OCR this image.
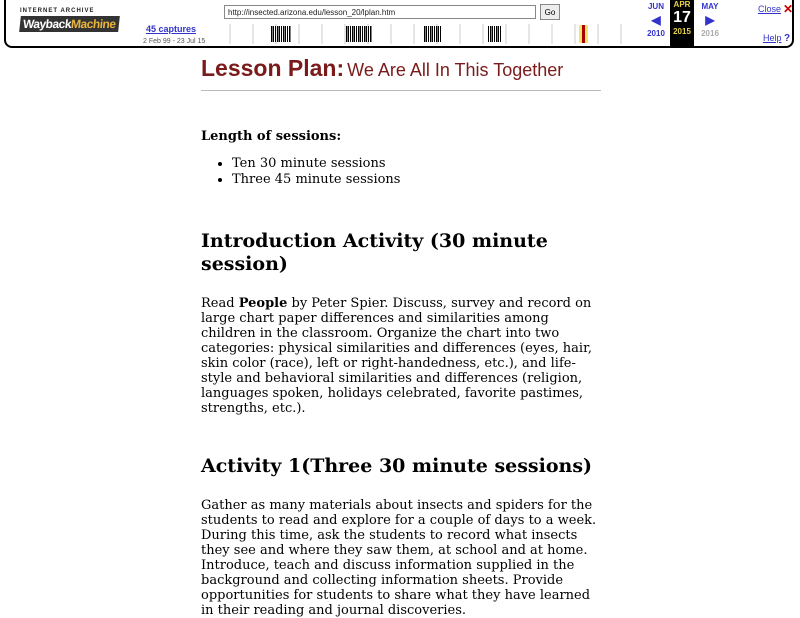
INTERNET ARCHIVE
WaybackMachine
http://insected.arizona.edu/lesson_20/lplan.htm
Go
45 captures
2 Feb 99 - 23 Jul 15
JUN
◀
2010
APR
17
2015
MAY
▶
2016
Close ✕
Help ?
Lesson Plan: We Are All In This Together
Length of sessions:
• Ten 30 minute sessions
• Three 45 minute sessions
Introduction Activity (30 minute session)

Read People by Peter Spier. Discuss, survey and record on large chart paper differences and similarities among children in the classroom. Organize the chart into two categories: physical similarities and differences (eyes, hair, skin color (race), left or right-handedness, etc.), and life-style and behavioral similarities and differences (religion, languages spoken, holidays celebrated, favorite pastimes, strengths, etc.).

Activity 1(Three 30 minute sessions)

Gather as many materials about insects and spiders for the students to read and explore for a couple of days to a week. During this time, ask the students to record what insects they see and where they saw them, at school and at home. Introduce, teach and discuss information supplied in the background and collecting information sheets. Provide opportunities for students to share what they have learned in their reading and journal discoveries.
